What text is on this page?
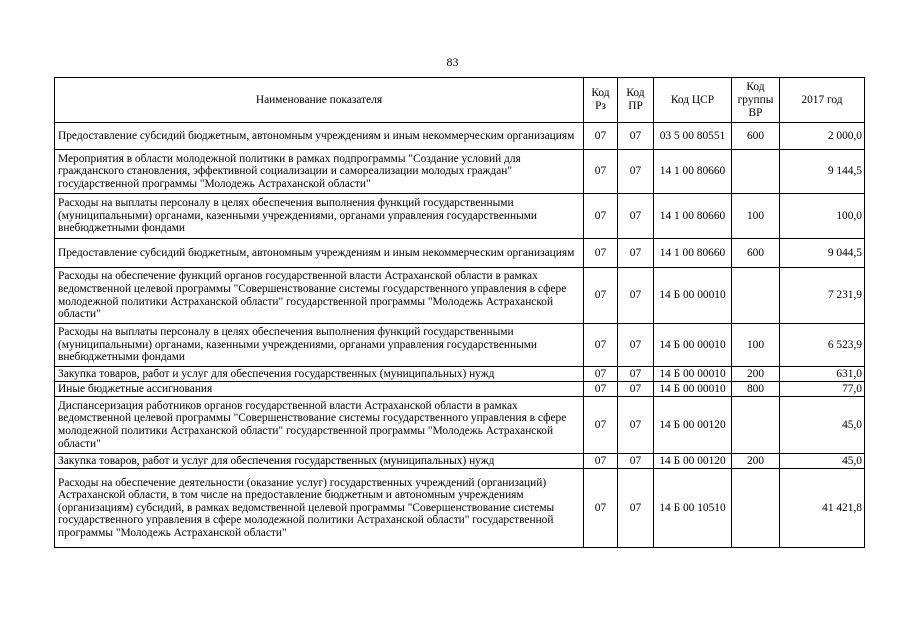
83
Наименование показателя	Код Рз	Код ПР	Код ЦСР	Код группы ВР	2017 год
Предоставление субсидий бюджетным, автономным учреждениям и иным некоммерческим организациям	07	07	03 5 00 80551	600	2 000,0
Мероприятия в области молодежной политики в рамках подпрограммы "Создание условий для гражданского становления, эффективной социализации и самореализации молодых граждан" государственной программы "Молодежь Астраханской области"	07	07	14 1 00 80660		9 144,5
Расходы на выплаты персоналу в целях обеспечения выполнения функций государственными (муниципальными) органами, казенными учреждениями, органами управления государственными внебюджетными фондами	07	07	14 1 00 80660	100	100,0
Предоставление субсидий бюджетным, автономным учреждениям и иным некоммерческим организациям	07	07	14 1 00 80660	600	9 044,5
Расходы на обеспечение функций органов государственной власти Астраханской области в рамках ведомственной целевой программы "Совершенствование системы государственного управления в сфере молодежной политики Астраханской области" государственной программы "Молодежь Астраханской области"	07	07	14 Б 00 00010		7 231,9
Расходы на выплаты персоналу в целях обеспечения выполнения функций государственными (муниципальными) органами, казенными учреждениями, органами управления государственными внебюджетными фондами	07	07	14 Б 00 00010	100	6 523,9
Закупка товаров, работ и услуг для обеспечения государственных (муниципальных) нужд	07	07	14 Б 00 00010	200	631,0
Иные бюджетные ассигнования	07	07	14 Б 00 00010	800	77,0
Диспансеризация работников органов государственной власти Астраханской области в рамках ведомственной целевой программы "Совершенствование системы государственного управления в сфере молодежной политики Астраханской области" государственной программы "Молодежь Астраханской области"	07	07	14 Б 00 00120		45,0
Закупка товаров, работ и услуг для обеспечения государственных (муниципальных) нужд	07	07	14 Б 00 00120	200	45,0
Расходы на обеспечение деятельности (оказание услуг) государственных учреждений (организаций) Астраханской области, в том числе на предоставление бюджетным и автономным учреждениям (организациям) субсидий, в рамках ведомственной целевой программы "Совершенствование системы государственного управления в сфере молодежной политики Астраханской области" государственной программы "Молодежь Астраханской области"	07	07	14 Б 00 10510		41 421,8
